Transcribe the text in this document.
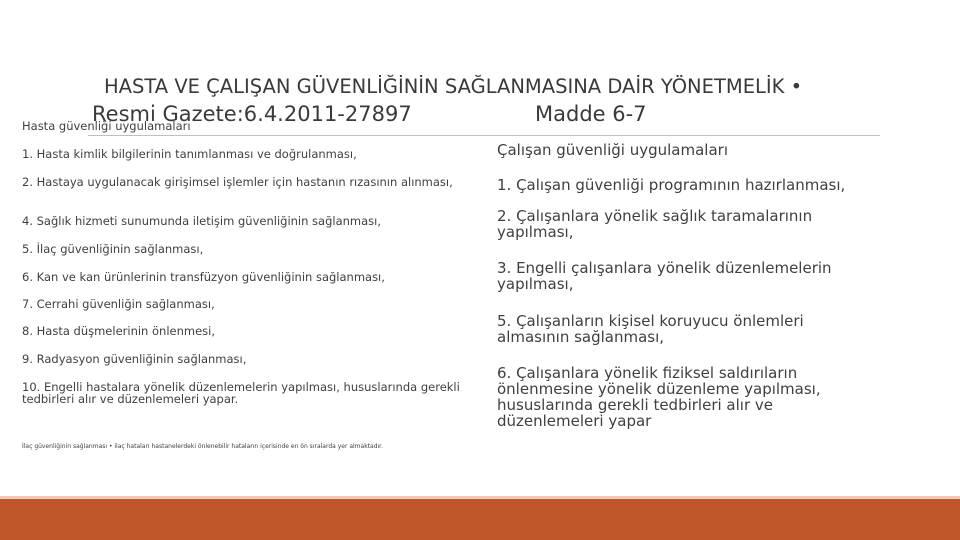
HASTA VE ÇALIŞAN GÜVENLİĞİNİN SAĞLANMASINA DAİR YÖNETMELİK •
Resmi Gazete:6.4.2011-27897	Madde 6-7
Hasta güvenliği uygulamaları
1. Hasta kimlik bilgilerinin tanımlanması ve doğrulanması,
2. Hastaya uygulanacak girişimsel işlemler için hastanın rızasının alınması,
4. Sağlık hizmeti sunumunda iletişim güvenliğinin sağlanması,
5. İlaç güvenliğinin sağlanması,
6. Kan ve kan ürünlerinin transfüzyon güvenliğinin sağlanması,
7. Cerrahi güvenliğin sağlanması,
8. Hasta düşmelerinin önlenmesi,
9. Radyasyon güvenliğinin sağlanması,
10. Engelli hastalara yönelik düzenlemelerin yapılması, hususlarında gerekli tedbirleri alır ve düzenlemeleri yapar.
İlaç güvenliğinin sağlanması • ilaç hataları hastanelerdeki önlenebilir hataların içerisinde en ön sıralarda yer almaktadır.
Çalışan güvenliği uygulamaları
1. Çalışan güvenliği programının hazırlanması,
2. Çalışanlara yönelik sağlık taramalarının yapılması,
3. Engelli çalışanlara yönelik düzenlemelerin yapılması,
5. Çalışanların kişisel koruyucu önlemleri almasının sağlanması,
6. Çalışanlara yönelik fiziksel saldırıların önlenmesine yönelik düzenleme yapılması, hususlarında gerekli tedbirleri alır ve düzenlemeleri yapar
